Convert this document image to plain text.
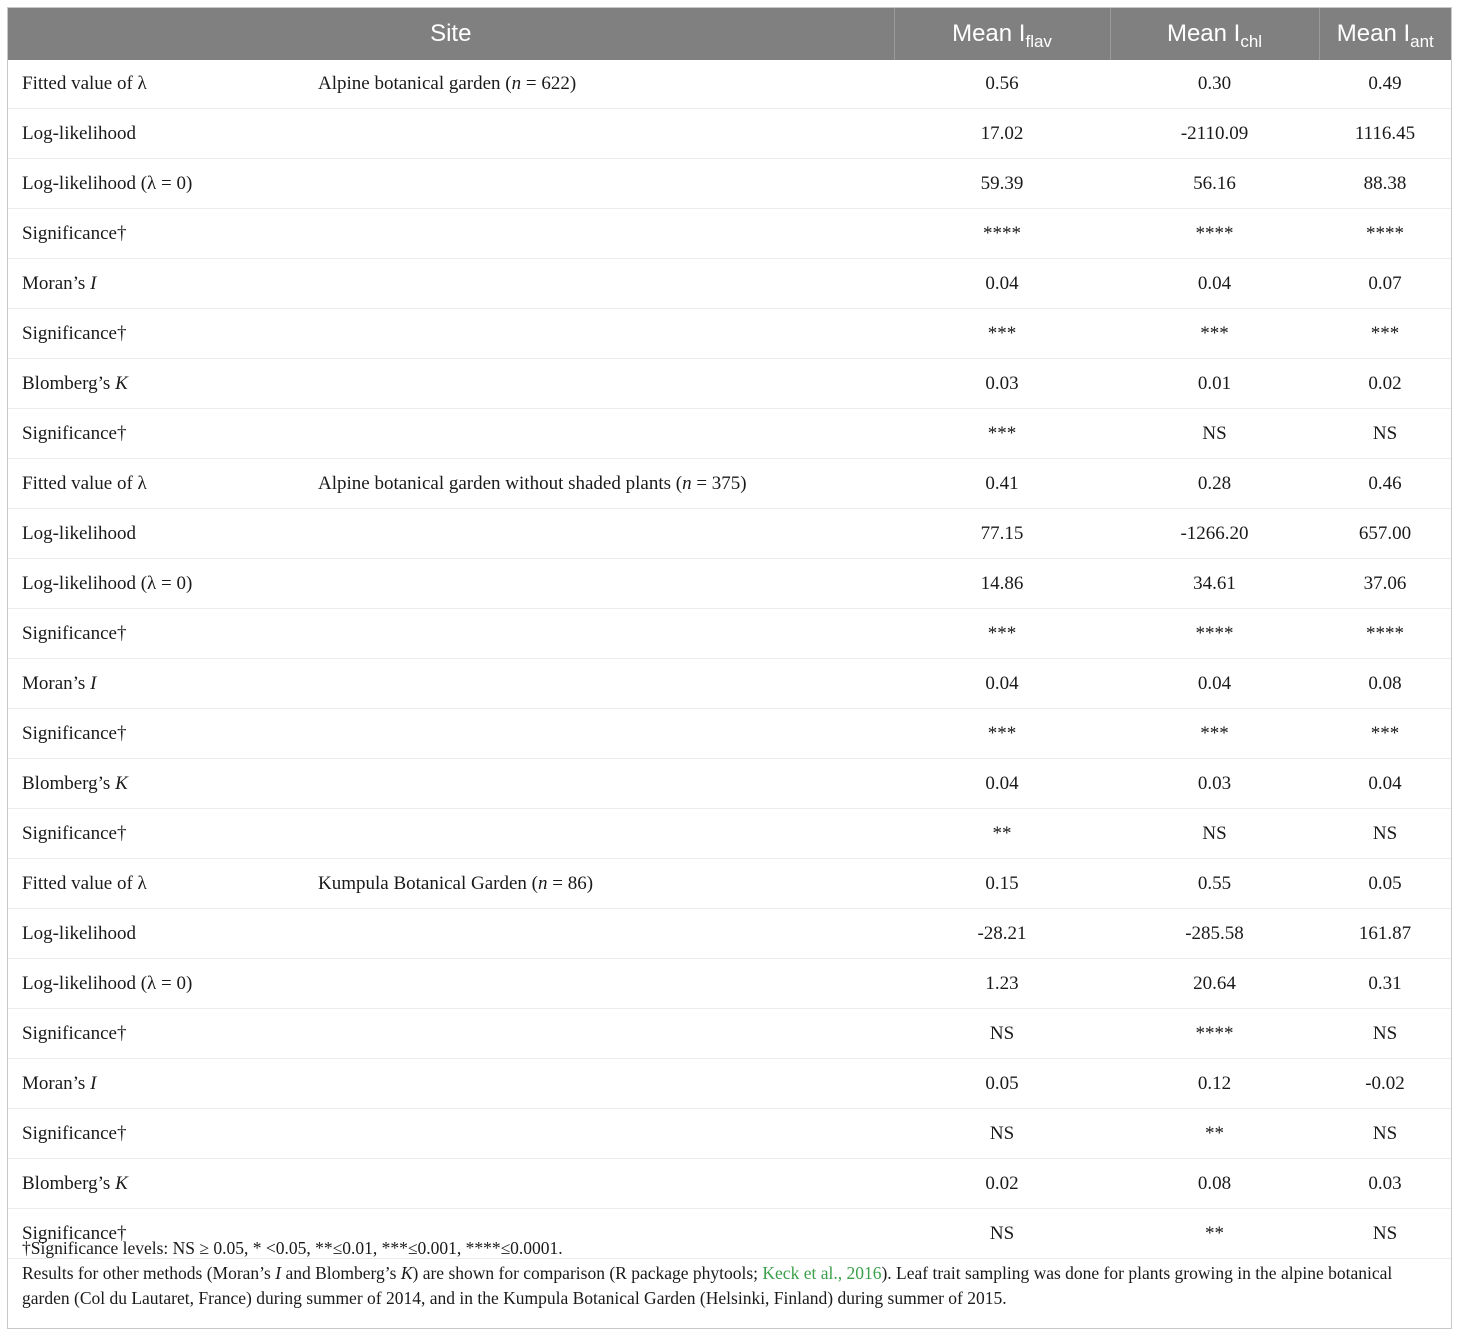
Site		Mean $I_{flav}$	Mean $I_{chl}$	Mean $I_{ant}$
Fitted value of λ	Alpine botanical garden (n = 622)	0.56	0.30	0.49
Log-likelihood		17.02	-2110.09	1116.45
Log-likelihood (λ = 0)		59.39	56.16	88.38
Significance†		****	****	****
Moran’s I		0.04	0.04	0.07
Significance†		***	***	***
Blomberg’s K		0.03	0.01	0.02
Significance†		***	NS	NS
Fitted value of λ	Alpine botanical garden without shaded plants (n = 375)	0.41	0.28	0.46
Log-likelihood		77.15	-1266.20	657.00
Log-likelihood (λ = 0)		14.86	34.61	37.06
Significance†		***	****	****
Moran’s I		0.04	0.04	0.08
Significance†		***	***	***
Blomberg’s K		0.04	0.03	0.04
Significance†		**	NS	NS
Fitted value of λ	Kumpula Botanical Garden (n = 86)	0.15	0.55	0.05
Log-likelihood		-28.21	-285.58	161.87
Log-likelihood (λ = 0)		1.23	20.64	0.31
Significance†		NS	****	NS
Moran’s I		0.05	0.12	-0.02
Significance†		NS	**	NS
Blomberg’s K		0.02	0.08	0.03
Significance†		NS	**	NS

†Significance levels: NS ≥ 0.05, * <0.05, **≤0.01, ***≤0.001, ****≤0.0001.

Results for other methods (Moran’s I and Blomberg’s K) are shown for comparison (R package phytools; Keck et al., 2016). Leaf trait sampling was done for plants growing in the alpine botanical garden (Col du Lautaret, France) during summer of 2014, and in the Kumpula Botanical Garden (Helsinki, Finland) during summer of 2015.
